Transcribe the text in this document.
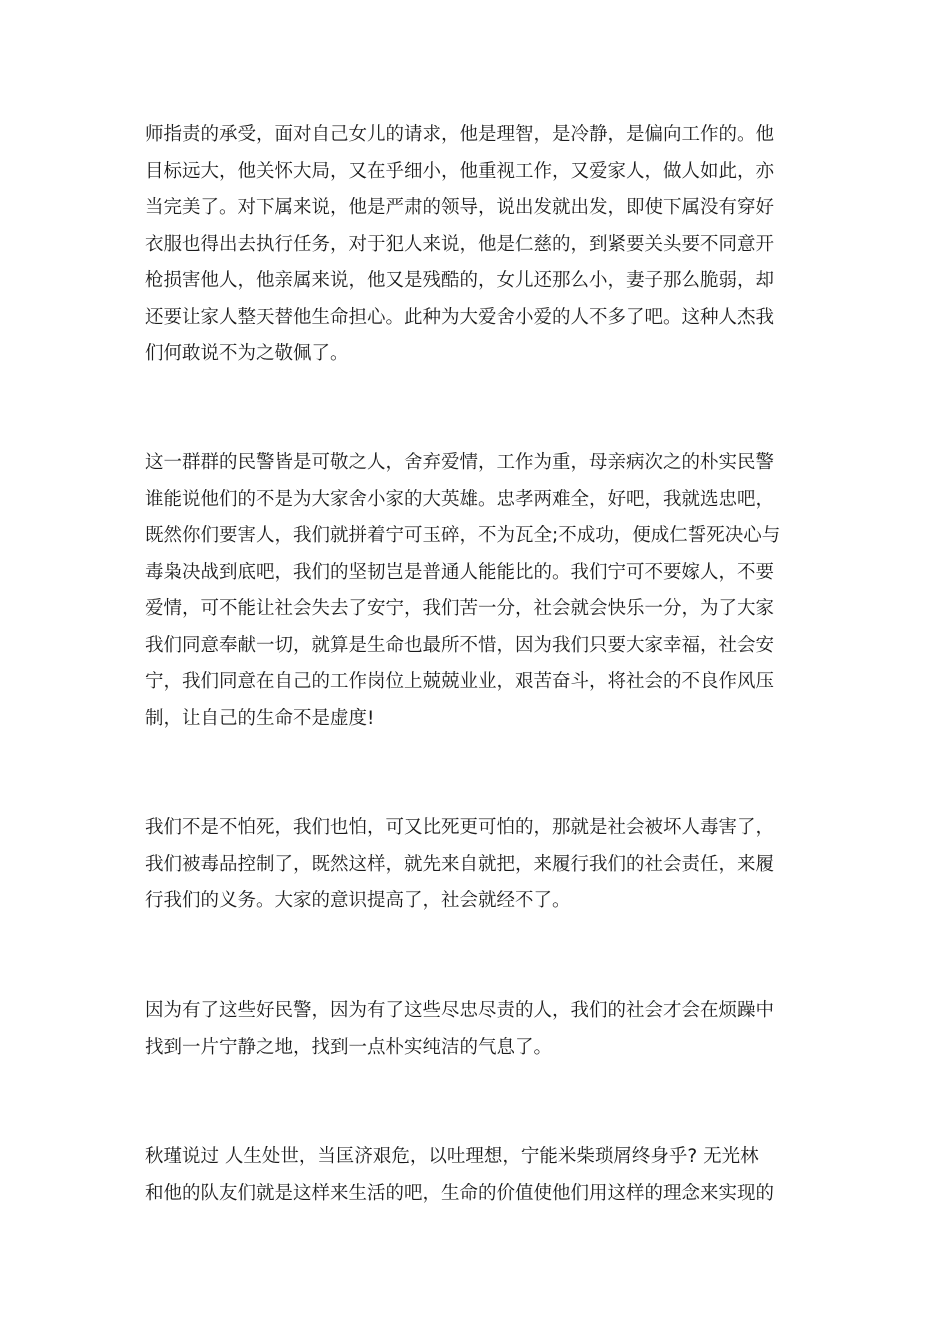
师指责的承受，面对自己女儿的请求，他是理智，是冷静，是偏向工作的。他
目标远大，他关怀大局，又在乎细小，他重视工作，又爱家人，做人如此，亦
当完美了。对下属来说，他是严肃的领导，说出发就出发，即使下属没有穿好
衣服也得出去执行任务，对于犯人来说，他是仁慈的，到紧要关头要不同意开
枪损害他人，他亲属来说，他又是残酷的，女儿还那么小，妻子那么脆弱，却
还要让家人整天替他生命担心。此种为大爱舍小爱的人不多了吧。这种人杰我
们何敢说不为之敬佩了。
这一群群的民警皆是可敬之人，舍弃爱情，工作为重，母亲病次之的朴实民警
谁能说他们的不是为大家舍小家的大英雄。忠孝两难全，好吧，我就选忠吧，
既然你们要害人，我们就拼着宁可玉碎，不为瓦全;不成功，便成仁誓死决心与
毒枭决战到底吧，我们的坚韧岂是普通人能能比的。我们宁可不要嫁人，不要
爱情，可不能让社会失去了安宁，我们苦一分，社会就会快乐一分，为了大家
我们同意奉献一切，就算是生命也最所不惜，因为我们只要大家幸福，社会安
宁，我们同意在自己的工作岗位上兢兢业业，艰苦奋斗，将社会的不良作风压
制，让自己的生命不是虚度!
我们不是不怕死，我们也怕，可又比死更可怕的，那就是社会被坏人毒害了，
我们被毒品控制了，既然这样，就先来自就把，来履行我们的社会责任，来履
行我们的义务。大家的意识提高了，社会就经不了。
因为有了这些好民警，因为有了这些尽忠尽责的人，我们的社会才会在烦躁中
找到一片宁静之地，找到一点朴实纯洁的气息了。
秋瑾说过 人生处世，当匡济艰危，以吐理想，宁能米柴琐屑终身乎? 无光林
和他的队友们就是这样来生活的吧，生命的价值使他们用这样的理念来实现的
